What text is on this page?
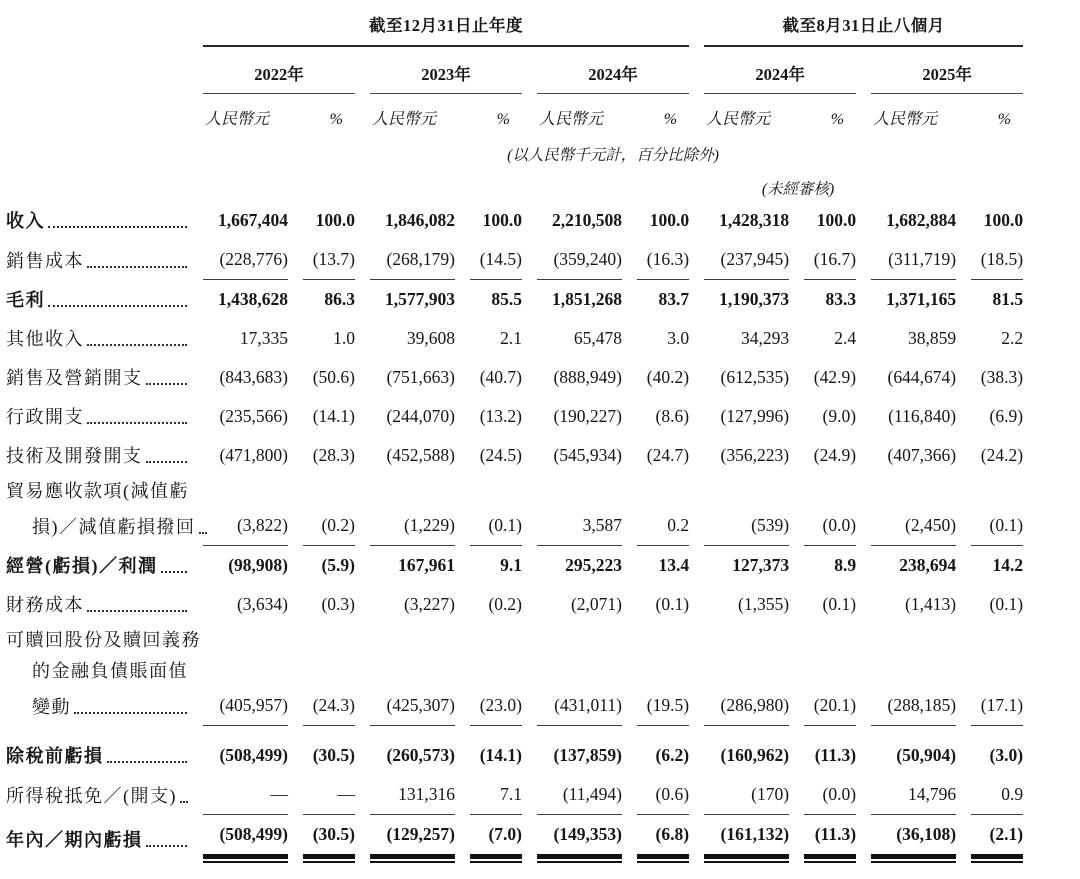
	截至12月31日止年度						截至8月31日止八個月			
	2022年		2023年		2024年		2024年		2025年	
	人民幣元	%	人民幣元	%	人民幣元	%	人民幣元	%	人民幣元	%
	(以人民幣千元計，百分比除外)									
							(未經審核)			

收入	1,667,404	100.0	1,846,082	100.0	2,210,508	100.0	1,428,318	100.0	1,682,884	100.0

銷售成本	(228,776)	(13.7)	(268,179)	(14.5)	(359,240)	(16.3)	(237,945)	(16.7)	(311,719)	(18.5)

毛利	1,438,628	86.3	1,577,903	85.5	1,851,268	83.7	1,190,373	83.3	1,371,165	81.5

其他收入	17,335	1.0	39,608	2.1	65,478	3.0	34,293	2.4	38,859	2.2

銷售及營銷開支	(843,683)	(50.6)	(751,663)	(40.7)	(888,949)	(40.2)	(612,535)	(42.9)	(644,674)	(38.3)

行政開支	(235,566)	(14.1)	(244,070)	(13.2)	(190,227)	(8.6)	(127,996)	(9.0)	(116,840)	(6.9)

技術及開發開支	(471,800)	(28.3)	(452,588)	(24.5)	(545,934)	(24.7)	(356,223)	(24.9)	(407,366)	(24.2)

貿易應收款項(減值虧										

損)／減值虧損撥回	(3,822)	(0.2)	(1,229)	(0.1)	3,587	0.2	(539)	(0.0)	(2,450)	(0.1)

經營(虧損)／利潤	(98,908)	(5.9)	167,961	9.1	295,223	13.4	127,373	8.9	238,694	14.2

財務成本	(3,634)	(0.3)	(3,227)	(0.2)	(2,071)	(0.1)	(1,355)	(0.1)	(1,413)	(0.1)

可贖回股份及贖回義務										

的金融負債賬面值										

變動	(405,957)	(24.3)	(425,307)	(23.0)	(431,011)	(19.5)	(286,980)	(20.1)	(288,185)	(17.1)

除稅前虧損	(508,499)	(30.5)	(260,573)	(14.1)	(137,859)	(6.2)	(160,962)	(11.3)	(50,904)	(3.0)

所得稅抵免／(開支)	—	—	131,316	7.1	(11,494)	(0.6)	(170)	(0.0)	14,796	0.9

年內／期內虧損	(508,499)	(30.5)	(129,257)	(7.0)	(149,353)	(6.8)	(161,132)	(11.3)	(36,108)	(2.1)
